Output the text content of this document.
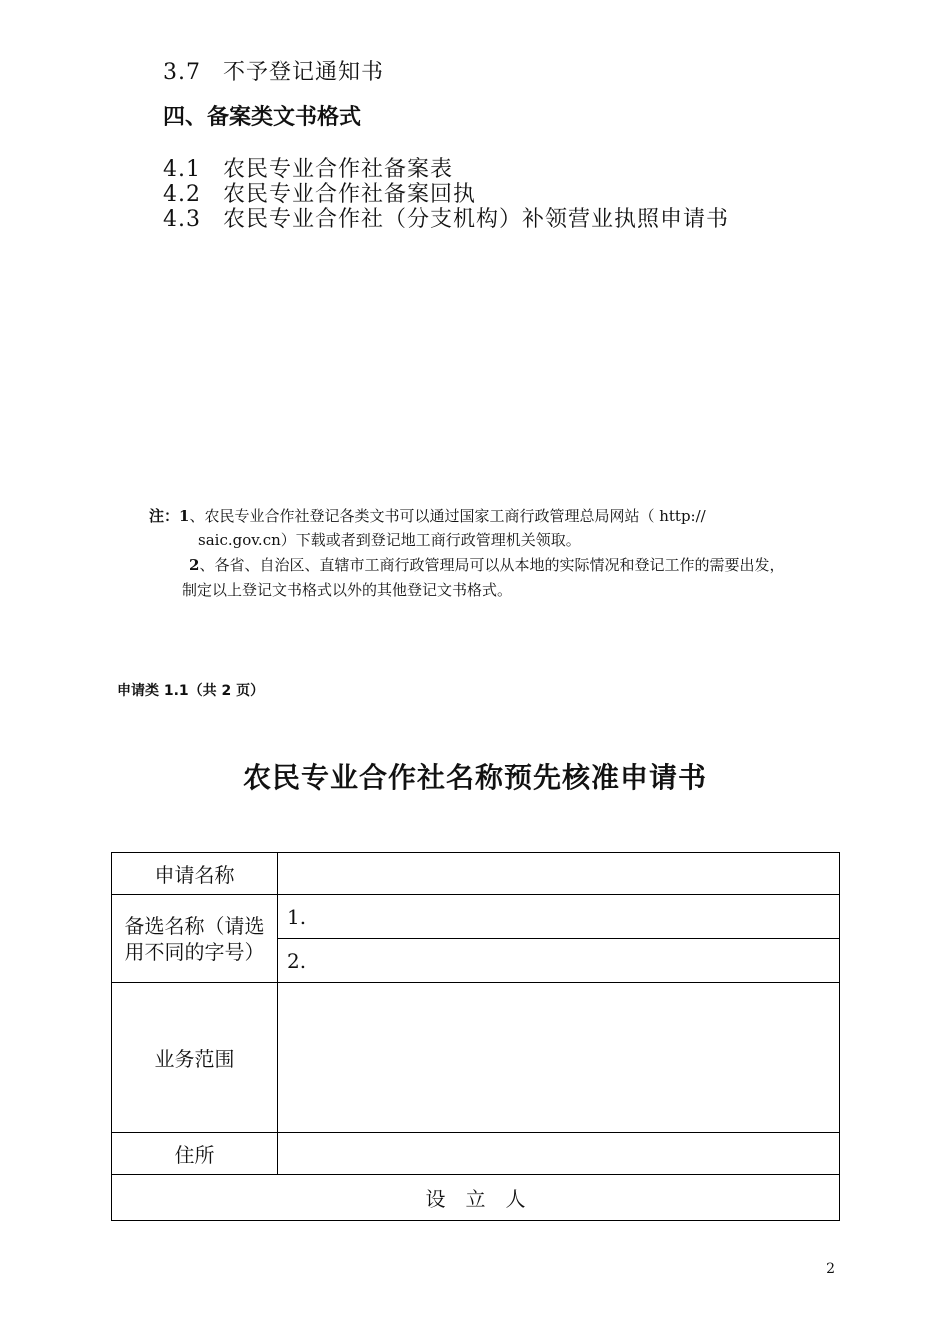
3.7 不予登记通知书
四、备案类文书格式
4.1 农民专业合作社备案表
4.2 农民专业合作社备案回执
4.3 农民专业合作社（分支机构）补领营业执照申请书
注：1、农民专业合作社登记各类文书可以通过国家工商行政管理总局网站（ http://
saic.gov.cn）下载或者到登记地工商行政管理机关领取。
2、各省、自治区、直辖市工商行政管理局可以从本地的实际情况和登记工作的需要出发，
制定以上登记文书格式以外的其他登记文书格式。
申请类 1.1（共 2 页）
农民专业合作社名称预先核准申请书
申请名称	
备选名称（请选
用不同的字号）	1.
	2.
业务范围	
住所	
设　立　人	
2
